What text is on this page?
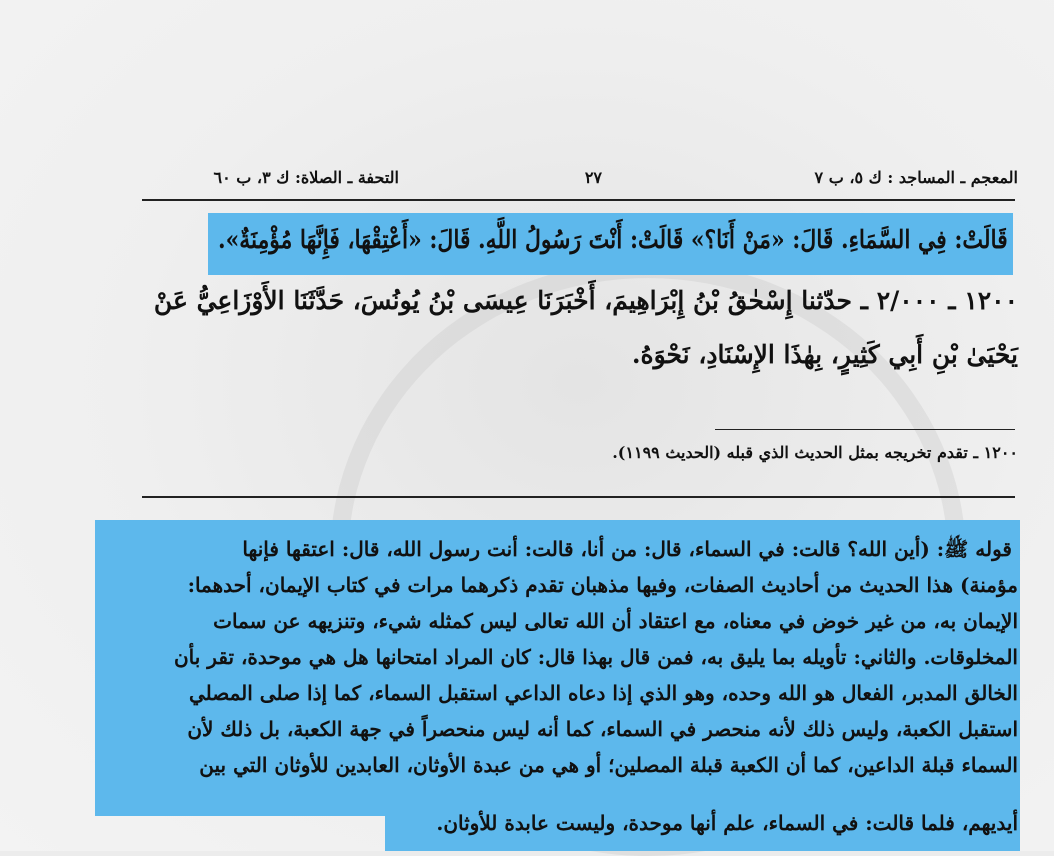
المعجم ـ المساجد : ك ٥، ب ٧
٢٧
التحفة ـ الصلاة: ك ٣، ب ٦٠
قَالَتْ: فِي السَّمَاءِ. قَالَ: «مَنْ أَنَا؟» قَالَتْ: أَنْتَ رَسُولُ اللَّهِ. قَالَ: «أَعْتِقْهَا، فَإِنَّهَا مُؤْمِنَةٌ».
١٢٠٠ ـ ٢/٠٠٠ ـ حدّثنا إِسْحٰقُ بْنُ إِبْرَاهِيمَ، أَخْبَرَنَا عِيسَى بْنُ يُونُسَ، حَدَّثَنَا الأَوْزَاعِيُّ عَنْ
يَحْيَىٰ بْنِ أَبِي كَثِيرٍ، بِهٰذَا الإِسْنَادِ، نَحْوَهُ.
١٢٠٠ ـ تقدم تخريجه بمثل الحديث الذي قبله (الحديث ١١٩٩).
قوله ﷺ: (أين الله؟ قالت: في السماء، قال: من أنا، قالت: أنت رسول الله، قال: اعتقها فإنها
مؤمنة) هذا الحديث من أحاديث الصفات، وفيها مذهبان تقدم ذكرهما مرات في كتاب الإيمان، أحدهما:
الإيمان به، من غير خوض في معناه، مع اعتقاد أن الله تعالى ليس كمثله شيء، وتنزيهه عن سمات
المخلوقات. والثاني: تأويله بما يليق به، فمن قال بهذا قال: كان المراد امتحانها هل هي موحدة، تقر بأن
الخالق المدبر، الفعال هو الله وحده، وهو الذي إذا دعاه الداعي استقبل السماء، كما إذا صلى المصلي
استقبل الكعبة، وليس ذلك لأنه منحصر في السماء، كما أنه ليس منحصراً في جهة الكعبة، بل ذلك لأن
السماء قبلة الداعين، كما أن الكعبة قبلة المصلين؛ أو هي من عبدة الأوثان، العابدين للأوثان التي بين
أيديهم، فلما قالت: في السماء، علم أنها موحدة، وليست عابدة للأوثان.
